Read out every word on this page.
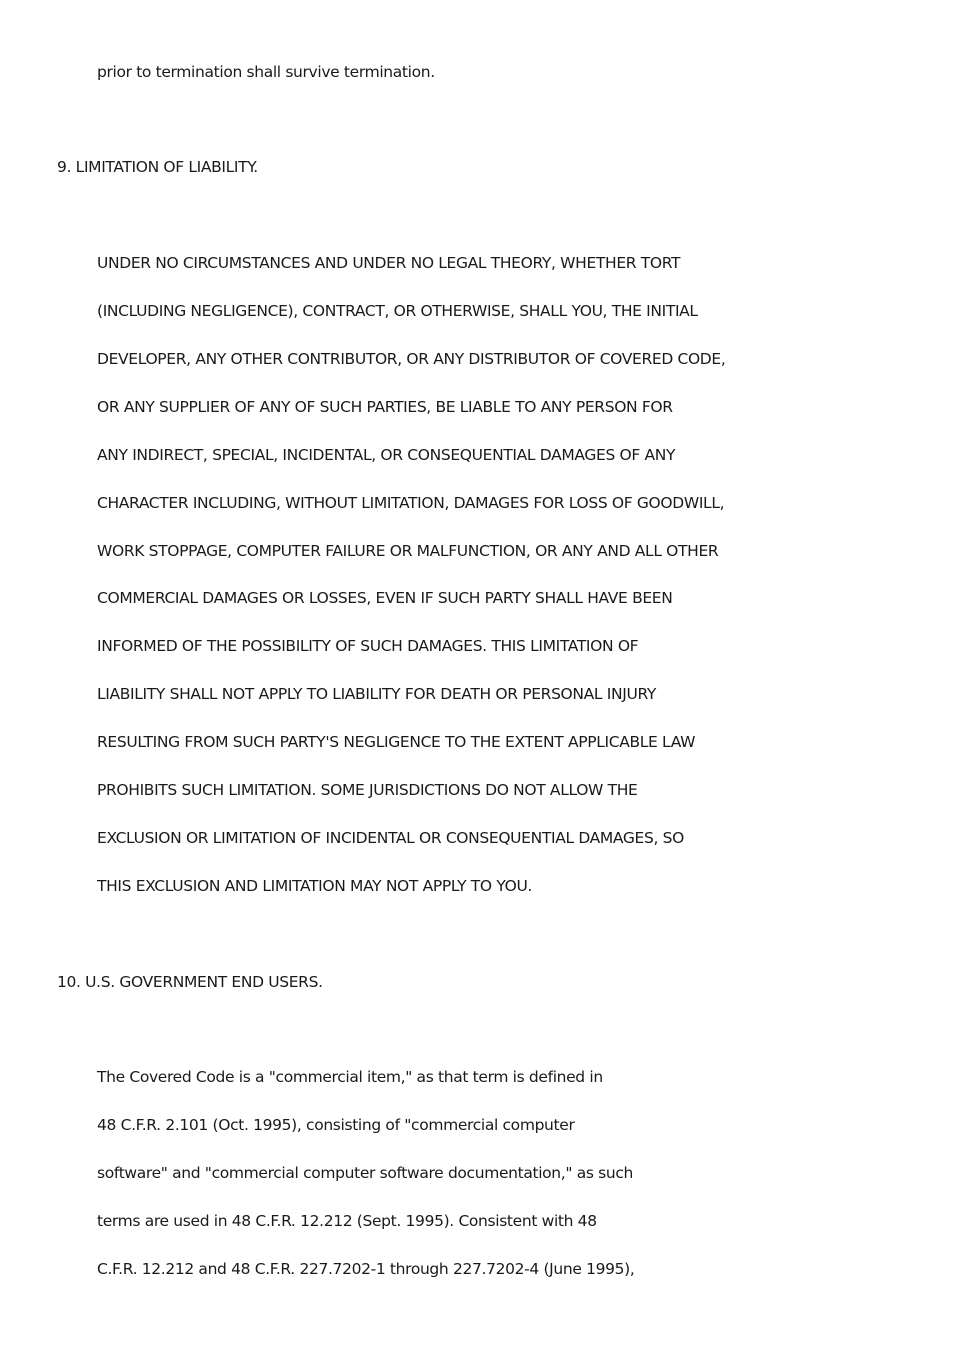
prior to termination shall survive termination.
9. LIMITATION OF LIABILITY.
UNDER NO CIRCUMSTANCES AND UNDER NO LEGAL THEORY, WHETHER TORT
(INCLUDING NEGLIGENCE), CONTRACT, OR OTHERWISE, SHALL YOU, THE INITIAL
DEVELOPER, ANY OTHER CONTRIBUTOR, OR ANY DISTRIBUTOR OF COVERED CODE,
OR ANY SUPPLIER OF ANY OF SUCH PARTIES, BE LIABLE TO ANY PERSON FOR
ANY INDIRECT, SPECIAL, INCIDENTAL, OR CONSEQUENTIAL DAMAGES OF ANY
CHARACTER INCLUDING, WITHOUT LIMITATION, DAMAGES FOR LOSS OF GOODWILL,
WORK STOPPAGE, COMPUTER FAILURE OR MALFUNCTION, OR ANY AND ALL OTHER
COMMERCIAL DAMAGES OR LOSSES, EVEN IF SUCH PARTY SHALL HAVE BEEN
INFORMED OF THE POSSIBILITY OF SUCH DAMAGES. THIS LIMITATION OF
LIABILITY SHALL NOT APPLY TO LIABILITY FOR DEATH OR PERSONAL INJURY
RESULTING FROM SUCH PARTY'S NEGLIGENCE TO THE EXTENT APPLICABLE LAW
PROHIBITS SUCH LIMITATION. SOME JURISDICTIONS DO NOT ALLOW THE
EXCLUSION OR LIMITATION OF INCIDENTAL OR CONSEQUENTIAL DAMAGES, SO
THIS EXCLUSION AND LIMITATION MAY NOT APPLY TO YOU.
10. U.S. GOVERNMENT END USERS.
The Covered Code is a "commercial item," as that term is defined in
48 C.F.R. 2.101 (Oct. 1995), consisting of "commercial computer
software" and "commercial computer software documentation," as such
terms are used in 48 C.F.R. 12.212 (Sept. 1995). Consistent with 48
C.F.R. 12.212 and 48 C.F.R. 227.7202-1 through 227.7202-4 (June 1995),
